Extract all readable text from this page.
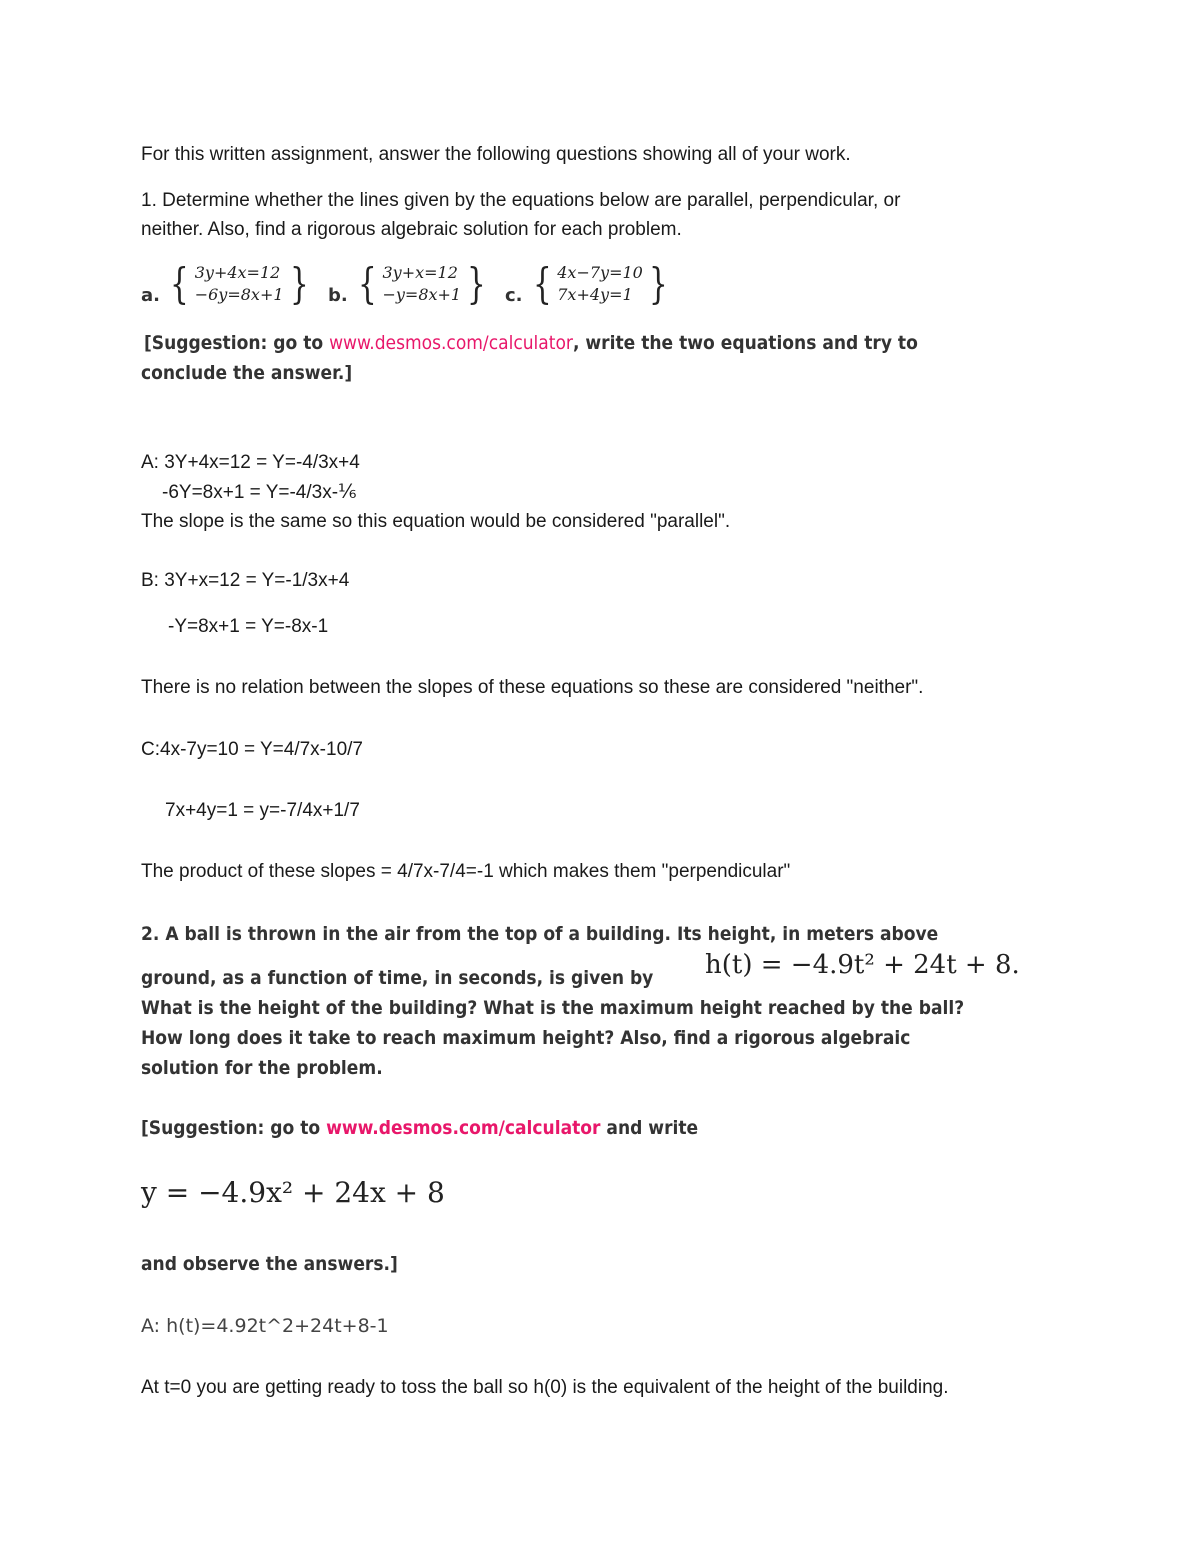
For this written assignment, answer the following questions showing all of your work.
1. Determine whether the lines given by the equations below are parallel, perpendicular, or
neither. Also, find a rigorous algebraic solution for each problem.
a. { 3y+4x=12
−6y=8x+1 } b. { 3y+x=12
−y=8x+1 } c. { 4x−7y=10
7x+4y=1 }
[Suggestion: go to www.desmos.com/calculator, write the two equations and try to
conclude the answer.]
A: 3Y+4x=12 = Y=-4/3x+4
-6Y=8x+1 = Y=-4/3x-⅙
The slope is the same so this equation would be considered "parallel".
B: 3Y+x=12 = Y=-1/3x+4
-Y=8x+1 = Y=-8x-1
There is no relation between the slopes of these equations so these are considered "neither".
C:4x-7y=10 = Y=4/7x-10/7
7x+4y=1 = y=-7/4x+1/7
The product of these slopes = 4/7x-7/4=-1 which makes them "perpendicular"
2. A ball is thrown in the air from the top of a building. Its height, in meters above
ground, as a function of time, in seconds, is given by h(t) = −4.9t² + 24t + 8.
What is the height of the building? What is the maximum height reached by the ball?
How long does it take to reach maximum height? Also, find a rigorous algebraic
solution for the problem.
[Suggestion: go to www.desmos.com/calculator and write
y = −4.9x² + 24x + 8
and observe the answers.]
A: h(t)=4.92t^2+24t+8-1
At t=0 you are getting ready to toss the ball so h(0) is the equivalent of the height of the building.
